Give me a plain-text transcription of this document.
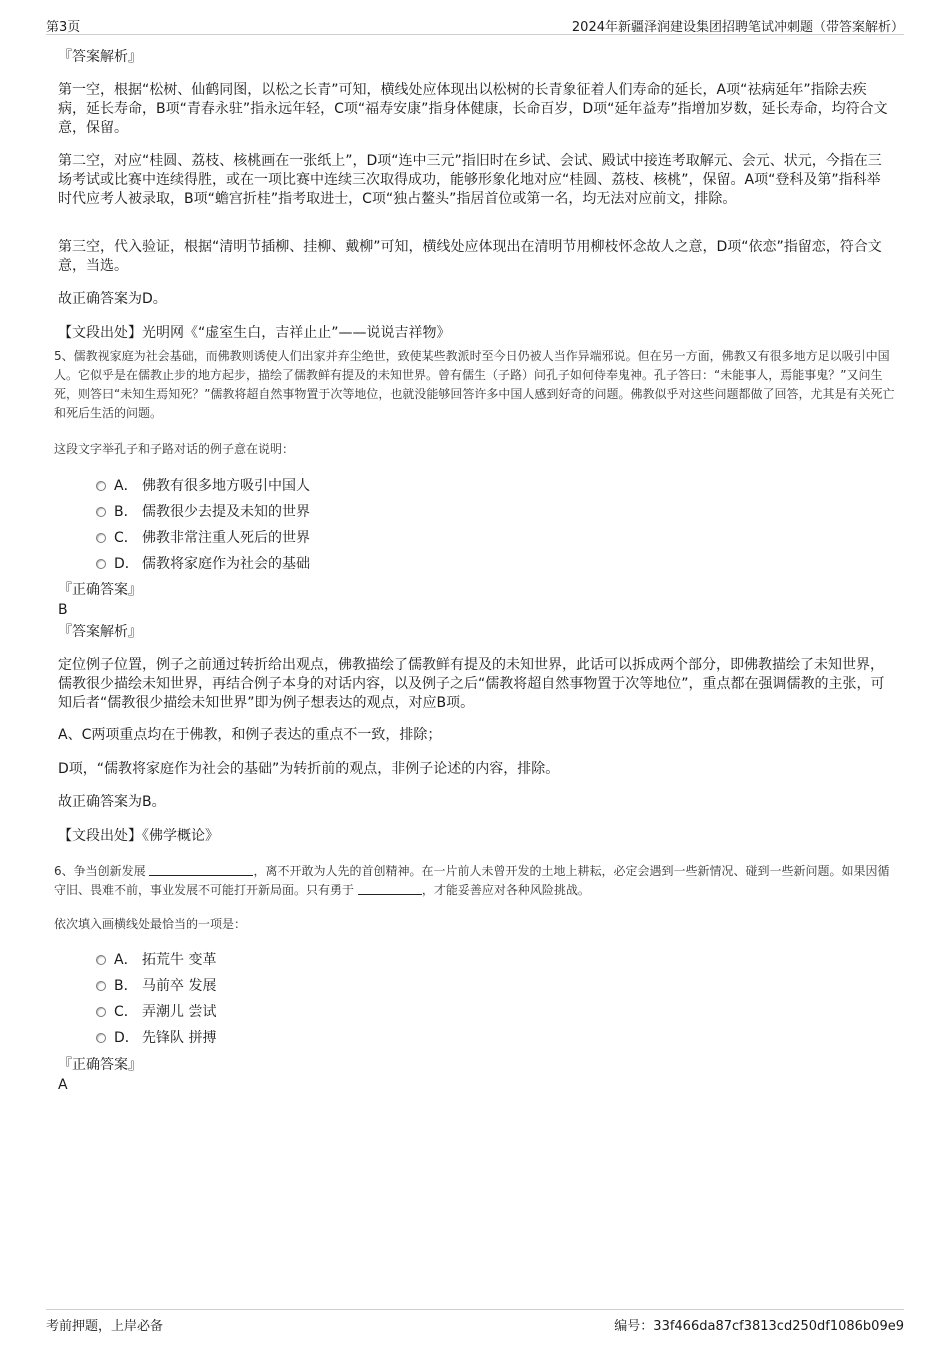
第3页	2024年新疆泽润建设集团招聘笔试冲刺题（带答案解析）
『答案解析』

第一空，根据“松树、仙鹤同图，以松之长青”可知，横线处应体现出以松树的长青象征着人们寿命的延长，A项“祛病延年”指除去疾病，延长寿命，B项“青春永驻”指永远年轻，C项“福寿安康”指身体健康，长命百岁，D项“延年益寿”指增加岁数，延长寿命，均符合文意，保留。

第二空，对应“桂圆、荔枝、核桃画在一张纸上”，D项“连中三元”指旧时在乡试、会试、殿试中接连考取解元、会元、状元，今指在三场考试或比赛中连续得胜，或在一项比赛中连续三次取得成功，能够形象化地对应“桂圆、荔枝、核桃”，保留。A项“登科及第”指科举时代应考人被录取，B项“蟾宫折桂”指考取进士，C项“独占鳌头”指居首位或第一名，均无法对应前文，排除。

第三空，代入验证，根据“清明节插柳、挂柳、戴柳”可知，横线处应体现出在清明节用柳枝怀念故人之意，D项“依恋”指留恋，符合文意，当选。

故正确答案为D。
【文段出处】光明网《“虚室生白，吉祥止止”——说说吉祥物》

5、儒教视家庭为社会基础，而佛教则诱使人们出家并弃尘绝世，致使某些教派时至今日仍被人当作异端邪说。但在另一方面，佛教又有很多地方足以吸引中国人。它似乎是在儒教止步的地方起步，描绘了儒教鲜有提及的未知世界。曾有儒生（子路）问孔子如何侍奉鬼神。孔子答曰：“未能事人，焉能事鬼？”又问生死，则答曰“未知生焉知死？”儒教将超自然事物置于次等地位，也就没能够回答许多中国人感到好奇的问题。佛教似乎对这些问题都做了回答，尤其是有关死亡和死后生活的问题。

这段文字举孔子和子路对话的例子意在说明：
A． 佛教有很多地方吸引中国人
B． 儒教很少去提及未知的世界
C． 佛教非常注重人死后的世界
D． 儒教将家庭作为社会的基础
『正确答案』
B
『答案解析』

定位例子位置，例子之前通过转折给出观点，佛教描绘了儒教鲜有提及的未知世界，此话可以拆成两个部分，即佛教描绘了未知世界，儒教很少描绘未知世界，再结合例子本身的对话内容，以及例子之后“儒教将超自然事物置于次等地位”，重点都在强调儒教的主张，可知后者“儒教很少描绘未知世界”即为例子想表达的观点，对应B项。

A、C两项重点均在于佛教，和例子表达的重点不一致，排除；
D项，“儒教将家庭作为社会的基础”为转折前的观点，非例子论述的内容，排除。
故正确答案为B。
【文段出处】《佛学概论》

6、争当创新发展	，离不开敢为人先的首创精神。在一片前人未曾开发的土地上耕耘，必定会遇到一些新情况、碰到一些新问题。如果因循守旧、畏难不前，事业发展不可能打开新局面。只有勇于	，才能妥善应对各种风险挑战。

依次填入画横线处最恰当的一项是：
A． 拓荒牛 变革
B． 马前卒 发展
C． 弄潮儿 尝试
D． 先锋队 拼搏
『正确答案』
A
考前押题，上岸必备	编号：33f466da87cf3813cd250df1086b09e9
